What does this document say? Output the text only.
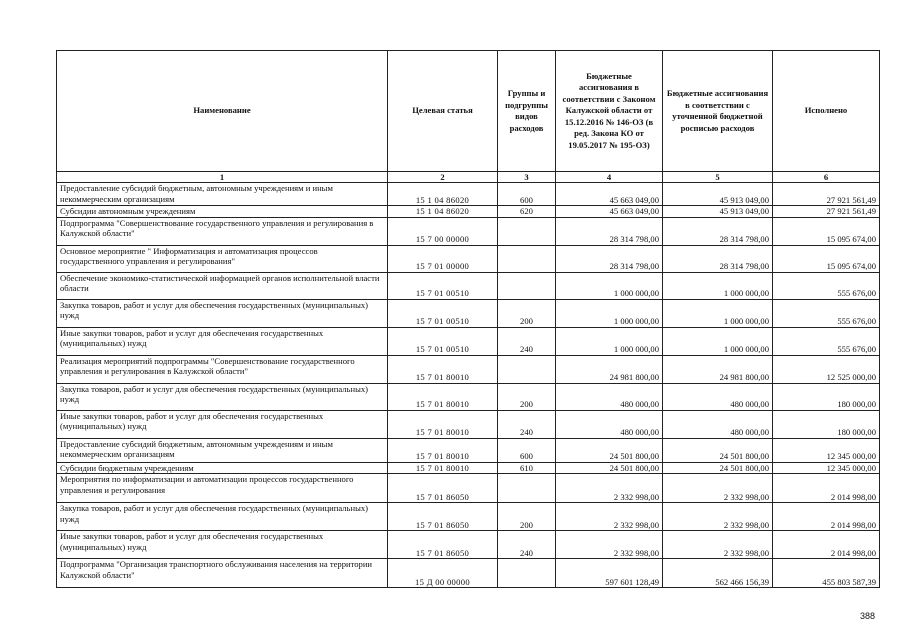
Наименование	Целевая статья	Группы и подгруппы видов расходов	Бюджетные ассигнования в соответствии с Законом Калужской области от 15.12.2016 № 146-ОЗ (в ред. Закона КО от 19.05.2017 № 195-ОЗ)	Бюджетные ассигнования в соответствии с уточненной бюджетной росписью расходов	Исполнено
1	2	3	4	5	6
Предоставление субсидий бюджетным, автономным учреждениям и иным некоммерческим организациям	15 1 04 86020	600	45 663 049,00	45 913 049,00	27 921 561,49
Субсидии автономным учреждениям	15 1 04 86020	620	45 663 049,00	45 913 049,00	27 921 561,49
Подпрограмма "Совершенствование государственного управления и регулирования в Калужской области"	15 7 00 00000		28 314 798,00	28 314 798,00	15 095 674,00
Основное мероприятие " Информатизация и автоматизация процессов государственного управления и регулирования"	15 7 01 00000		28 314 798,00	28 314 798,00	15 095 674,00
Обеспечение экономико-статистической информацией органов исполнительной власти области	15 7 01 00510		1 000 000,00	1 000 000,00	555 676,00
Закупка товаров, работ и услуг для обеспечения государственных (муниципальных) нужд	15 7 01 00510	200	1 000 000,00	1 000 000,00	555 676,00
Иные закупки товаров, работ и услуг для обеспечения государственных (муниципальных) нужд	15 7 01 00510	240	1 000 000,00	1 000 000,00	555 676,00
Реализация мероприятий подпрограммы "Совершенствование государственного управления и регулирования в Калужской области"	15 7 01 80010		24 981 800,00	24 981 800,00	12 525 000,00
Закупка товаров, работ и услуг для обеспечения государственных (муниципальных) нужд	15 7 01 80010	200	480 000,00	480 000,00	180 000,00
Иные закупки товаров, работ и услуг для обеспечения государственных (муниципальных) нужд	15 7 01 80010	240	480 000,00	480 000,00	180 000,00
Предоставление субсидий бюджетным, автономным учреждениям и иным некоммерческим организациям	15 7 01 80010	600	24 501 800,00	24 501 800,00	12 345 000,00
Субсидии бюджетным учреждениям	15 7 01 80010	610	24 501 800,00	24 501 800,00	12 345 000,00
Мероприятия по информатизации и автоматизации процессов государственного управления и регулирования	15 7 01 86050		2 332 998,00	2 332 998,00	2 014 998,00
Закупка товаров, работ и услуг для обеспечения государственных (муниципальных) нужд	15 7 01 86050	200	2 332 998,00	2 332 998,00	2 014 998,00
Иные закупки товаров, работ и услуг для обеспечения государственных (муниципальных) нужд	15 7 01 86050	240	2 332 998,00	2 332 998,00	2 014 998,00
Подпрограмма "Организация транспортного обслуживания населения на территории Калужской области"	15 Д 00 00000		597 601 128,49	562 466 156,39	455 803 587,39
388
